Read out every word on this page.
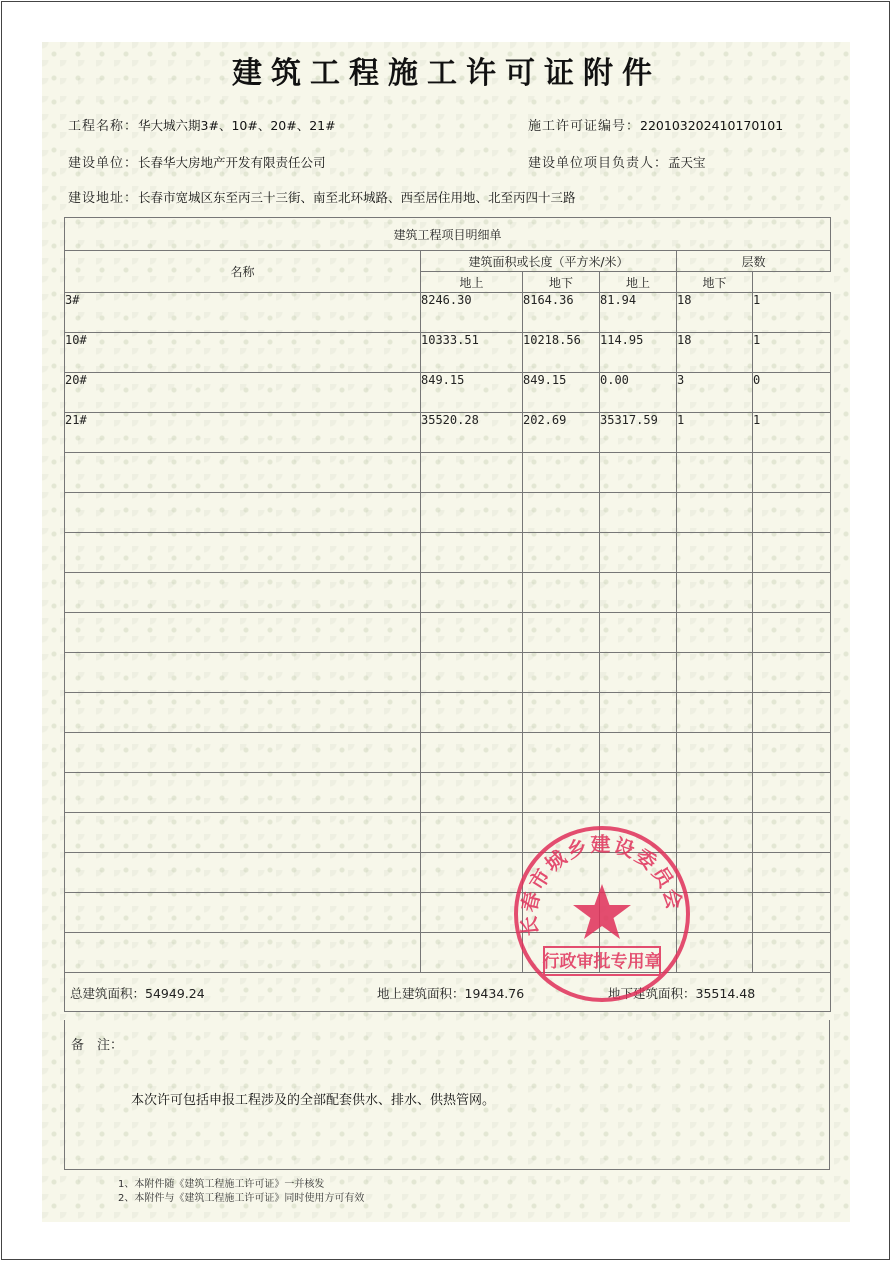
建筑工程施工许可证附件
工程名称：华大城六期3#、10#、20#、21#	施工许可证编号：220103202410170101
建设单位：长春华大房地产开发有限责任公司	建设单位项目负责人：孟天宝
建设地址：长春市宽城区东至丙三十三街、南至北环城路、西至居住用地、北至丙四十三路
建筑工程项目明细单					
名称	建筑面积或长度（平方米/米）			层数	
	地上	地下	地上	地下	
3#	8246.30	8164.36	81.94	18	1
10#	10333.51	10218.56	114.95	18	1
20#	849.15	849.15	0.00	3	0
21#	35520.28	202.69	35317.59	1	1

总建筑面积：54949.24 地上建筑面积：19434.76 地下建筑面积：35514.48					
备　注：
本次许可包括申报工程涉及的全部配套供水、排水、供热管网。
1、本附件随《建筑工程施工许可证》一并核发
2、本附件与《建筑工程施工许可证》同时使用方可有效
长春市城乡建设委员会
行政审批专用章
